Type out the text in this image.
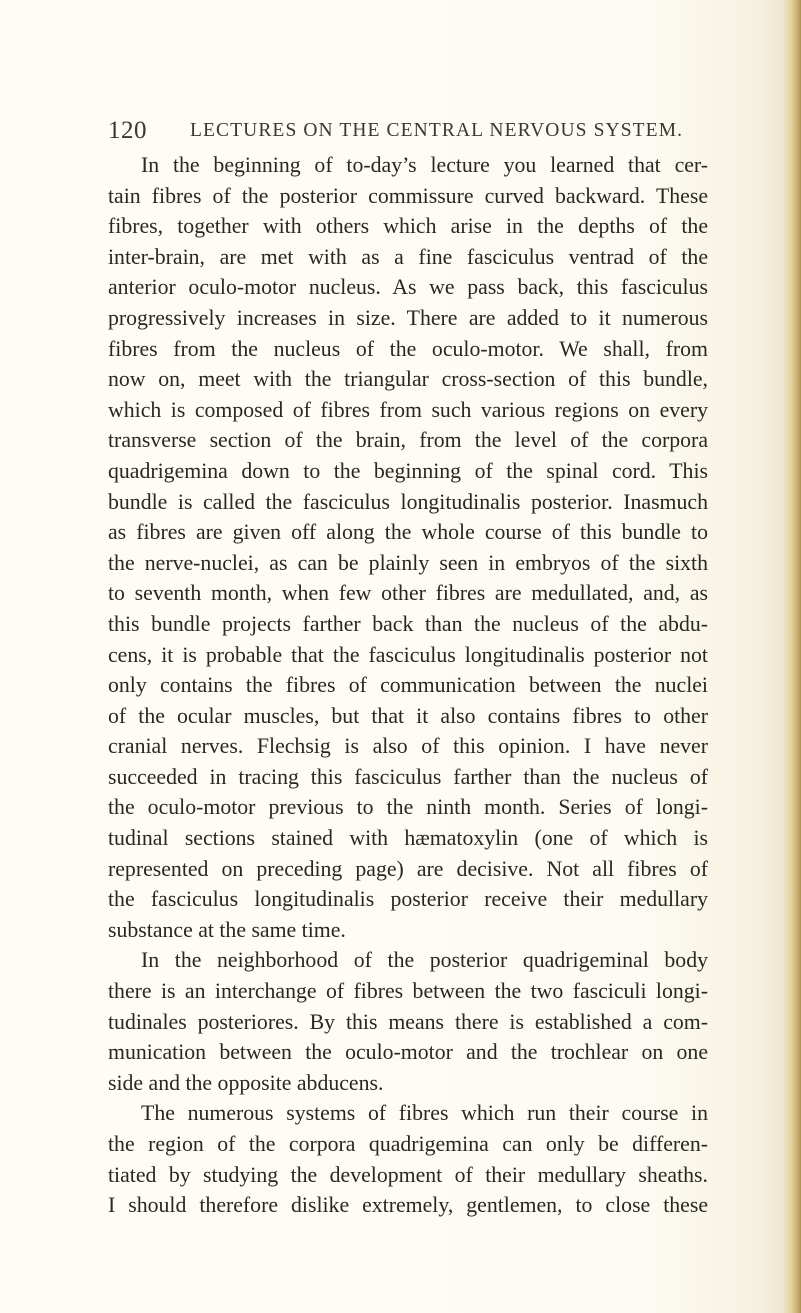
120 LECTURES ON THE CENTRAL NERVOUS SYSTEM.
In the beginning of to-day’s lecture you learned that cer-
tain fibres of the posterior commissure curved backward. These
fibres, together with others which arise in the depths of the
inter-brain, are met with as a fine fasciculus ventrad of the
anterior oculo-motor nucleus. As we pass back, this fasciculus
progressively increases in size. There are added to it numerous
fibres from the nucleus of the oculo-motor. We shall, from
now on, meet with the triangular cross-section of this bundle,
which is composed of fibres from such various regions on every
transverse section of the brain, from the level of the corpora
quadrigemina down to the beginning of the spinal cord. This
bundle is called the fasciculus longitudinalis posterior. Inasmuch
as fibres are given off along the whole course of this bundle to
the nerve-nuclei, as can be plainly seen in embryos of the sixth
to seventh month, when few other fibres are medullated, and, as
this bundle projects farther back than the nucleus of the abdu-
cens, it is probable that the fasciculus longitudinalis posterior not
only contains the fibres of communication between the nuclei
of the ocular muscles, but that it also contains fibres to other
cranial nerves. Flechsig is also of this opinion. I have never
succeeded in tracing this fasciculus farther than the nucleus of
the oculo-motor previous to the ninth month. Series of longi-
tudinal sections stained with hæmatoxylin (one of which is
represented on preceding page) are decisive. Not all fibres of
the fasciculus longitudinalis posterior receive their medullary
substance at the same time.
In the neighborhood of the posterior quadrigeminal body
there is an interchange of fibres between the two fasciculi longi-
tudinales posteriores. By this means there is established a com-
munication between the oculo-motor and the trochlear on one
side and the opposite abducens.
The numerous systems of fibres which run their course in
the region of the corpora quadrigemina can only be differen-
tiated by studying the development of their medullary sheaths.
I should therefore dislike extremely, gentlemen, to close these
